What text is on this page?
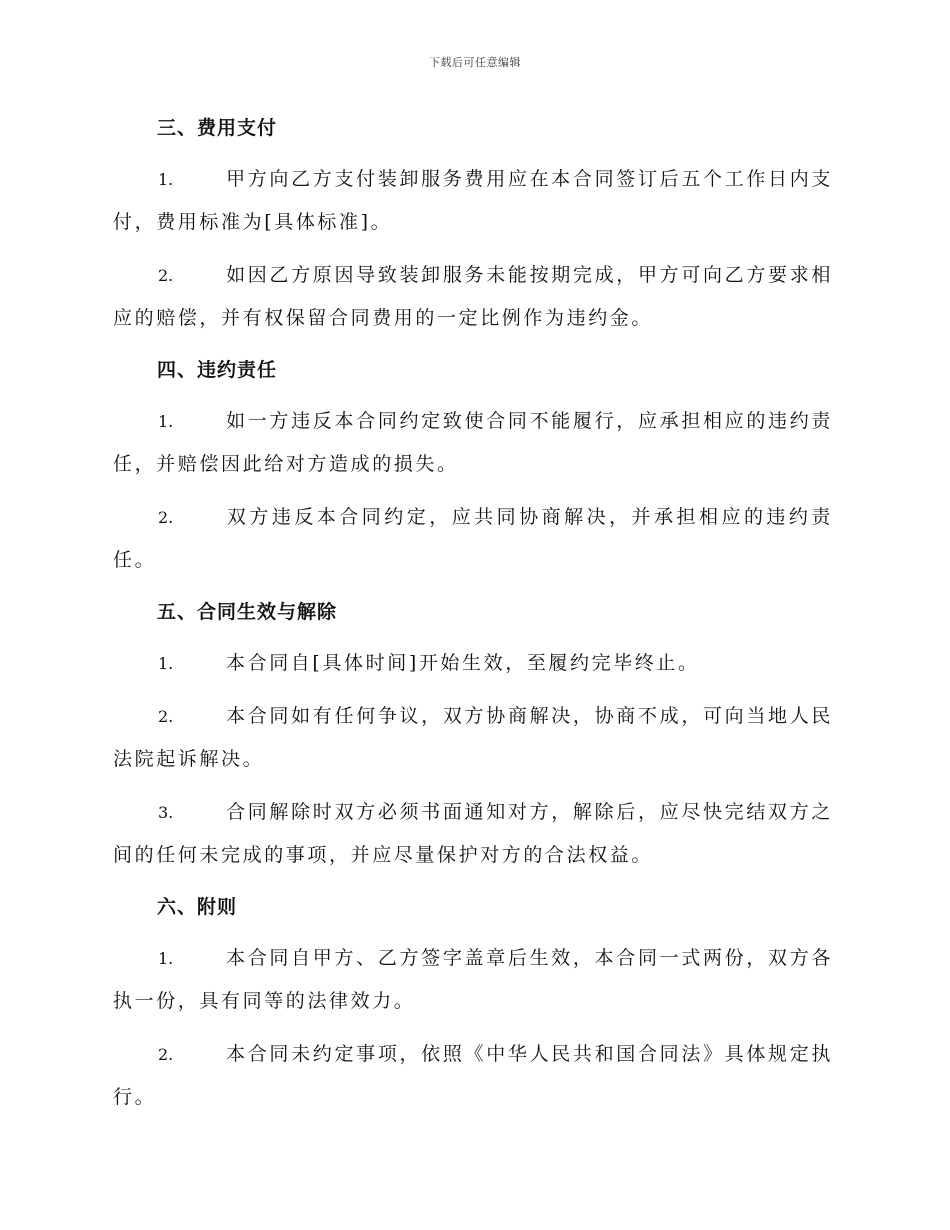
下载后可任意编辑
三、费用支付

1.	甲方向乙方支付装卸服务费用应在本合同签订后五个工作日内支付，费用标准为[具体标准]。

2.	如因乙方原因导致装卸服务未能按期完成，甲方可向乙方要求相应的赔偿，并有权保留合同费用的一定比例作为违约金。

四、违约责任

1.	如一方违反本合同约定致使合同不能履行，应承担相应的违约责任，并赔偿因此给对方造成的损失。

2.	双方违反本合同约定，应共同协商解决，并承担相应的违约责任。

五、合同生效与解除

1.	本合同自[具体时间]开始生效，至履约完毕终止。

2.	本合同如有任何争议，双方协商解决，协商不成，可向当地人民法院起诉解决。

3.	合同解除时双方必须书面通知对方，解除后，应尽快完结双方之间的任何未完成的事项，并应尽量保护对方的合法权益。

六、附则

1.	本合同自甲方、乙方签字盖章后生效，本合同一式两份，双方各执一份，具有同等的法律效力。

2.	本合同未约定事项，依照《中华人民共和国合同法》具体规定执行。
